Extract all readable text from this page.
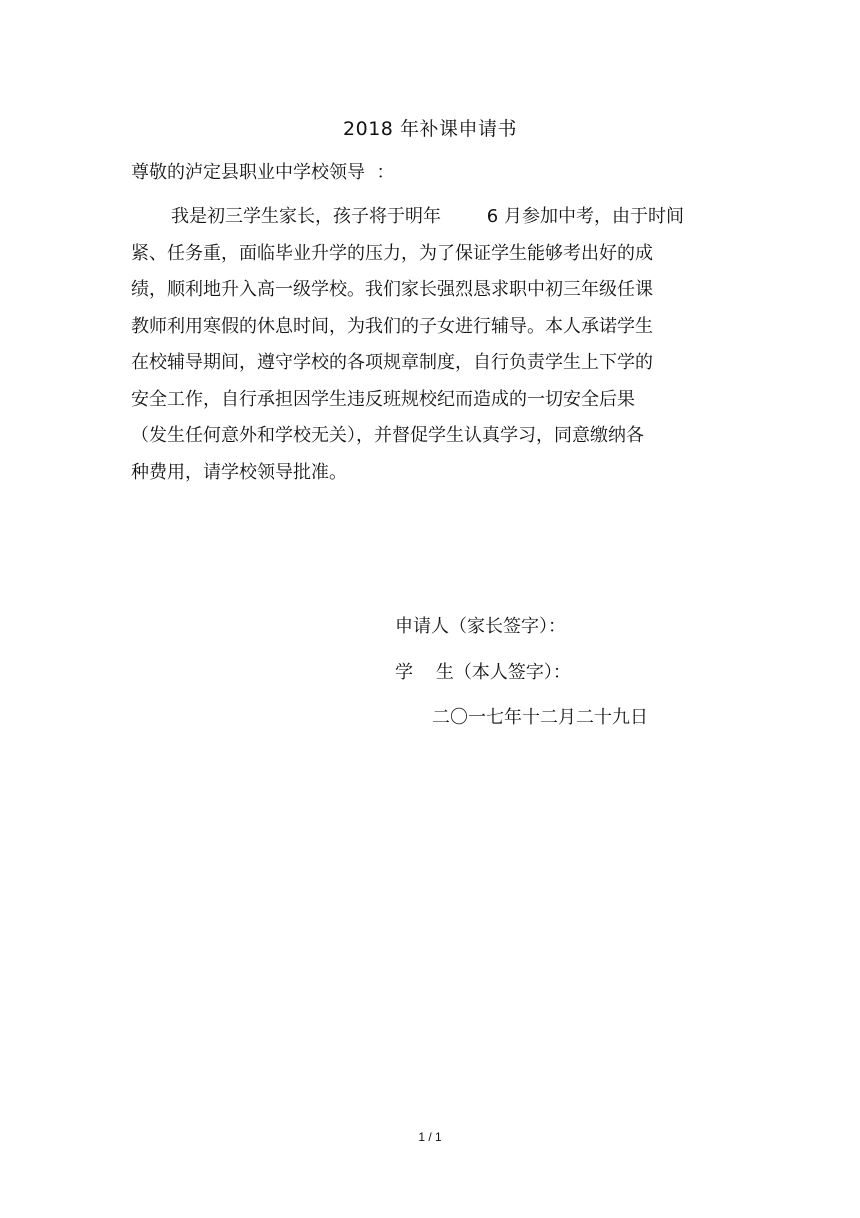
2018 年补课申请书
尊敬的泸定县职业中学校领导  ：
我是初三学生家长，孩子将于明年        6 月参加中考，由于时间
紧、任务重，面临毕业升学的压力，为了保证学生能够考出好的成
绩，顺利地升入高一级学校。我们家长强烈恳求职中初三年级任课
教师利用寒假的休息时间，为我们的子女进行辅导。本人承诺学生
在校辅导期间，遵守学校的各项规章制度，自行负责学生上下学的
安全工作，自行承担因学生违反班规校纪而造成的一切安全后果
（发生任何意外和学校无关），并督促学生认真学习，同意缴纳各
种费用，请学校领导批准。
申请人（家长签字）：
学    生（本人签字）：
二〇一七年十二月二十九日
1 / 1
